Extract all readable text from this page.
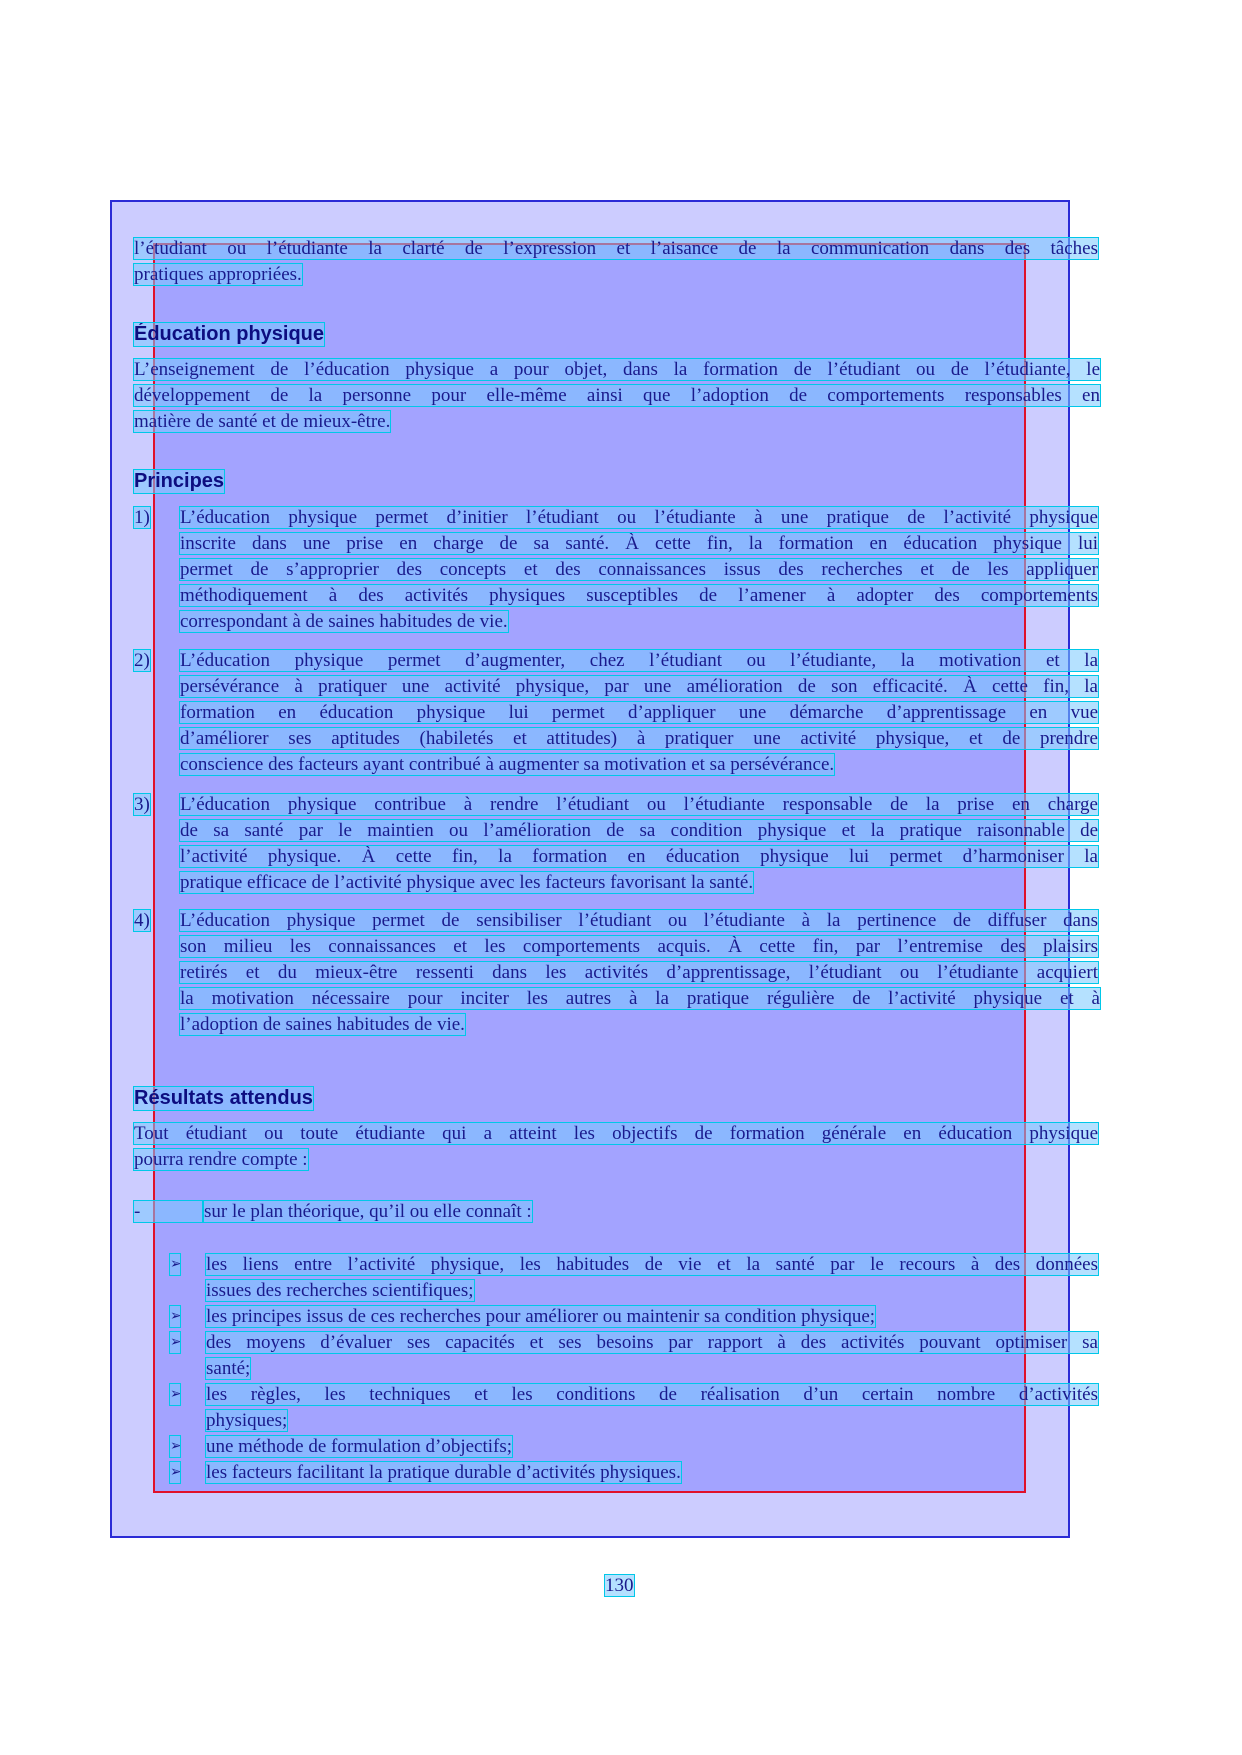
l’étudiant ou l’étudiante la clarté de l’expression et l’aisance de la communication dans des tâches
pratiques appropriées.
Éducation physique
L’enseignement de l’éducation physique a pour objet, dans la formation de l’étudiant ou de l’étudiante, le
développement de la personne pour elle-même ainsi que l’adoption de comportements responsables en
matière de santé et de mieux-être.
Principes
1) L’éducation physique permet d’initier l’étudiant ou l’étudiante à une pratique de l’activité physique
inscrite dans une prise en charge de sa santé. À cette fin, la formation en éducation physique lui
permet de s’approprier des concepts et des connaissances issus des recherches et de les appliquer
méthodiquement à des activités physiques susceptibles de l’amener à adopter des comportements
correspondant à de saines habitudes de vie.
2) L’éducation physique permet d’augmenter, chez l’étudiant ou l’étudiante, la motivation et la
persévérance à pratiquer une activité physique, par une amélioration de son efficacité. À cette fin, la
formation en éducation physique lui permet d’appliquer une démarche d’apprentissage en vue
d’améliorer ses aptitudes (habiletés et attitudes) à pratiquer une activité physique, et de prendre
conscience des facteurs ayant contribué à augmenter sa motivation et sa persévérance.
3) L’éducation physique contribue à rendre l’étudiant ou l’étudiante responsable de la prise en charge
de sa santé par le maintien ou l’amélioration de sa condition physique et la pratique raisonnable de
l’activité physique. À cette fin, la formation en éducation physique lui permet d’harmoniser la
pratique efficace de l’activité physique avec les facteurs favorisant la santé.
4) L’éducation physique permet de sensibiliser l’étudiant ou l’étudiante à la pertinence de diffuser dans
son milieu les connaissances et les comportements acquis. À cette fin, par l’entremise des plaisirs
retirés et du mieux-être ressenti dans les activités d’apprentissage, l’étudiant ou l’étudiante acquiert
la motivation nécessaire pour inciter les autres à la pratique régulière de l’activité physique et à
l’adoption de saines habitudes de vie.
Résultats attendus
Tout étudiant ou toute étudiante qui a atteint les objectifs de formation générale en éducation physique
pourra rendre compte :
-	sur le plan théorique, qu’il ou elle connaît :
➢ les liens entre l’activité physique, les habitudes de vie et la santé par le recours à des données
issues des recherches scientifiques;
➢ les principes issus de ces recherches pour améliorer ou maintenir sa condition physique;
➢ des moyens d’évaluer ses capacités et ses besoins par rapport à des activités pouvant optimiser sa
santé;
➢ les règles, les techniques et les conditions de réalisation d’un certain nombre d’activités
physiques;
➢ une méthode de formulation d’objectifs;
➢ les facteurs facilitant la pratique durable d’activités physiques.
130
